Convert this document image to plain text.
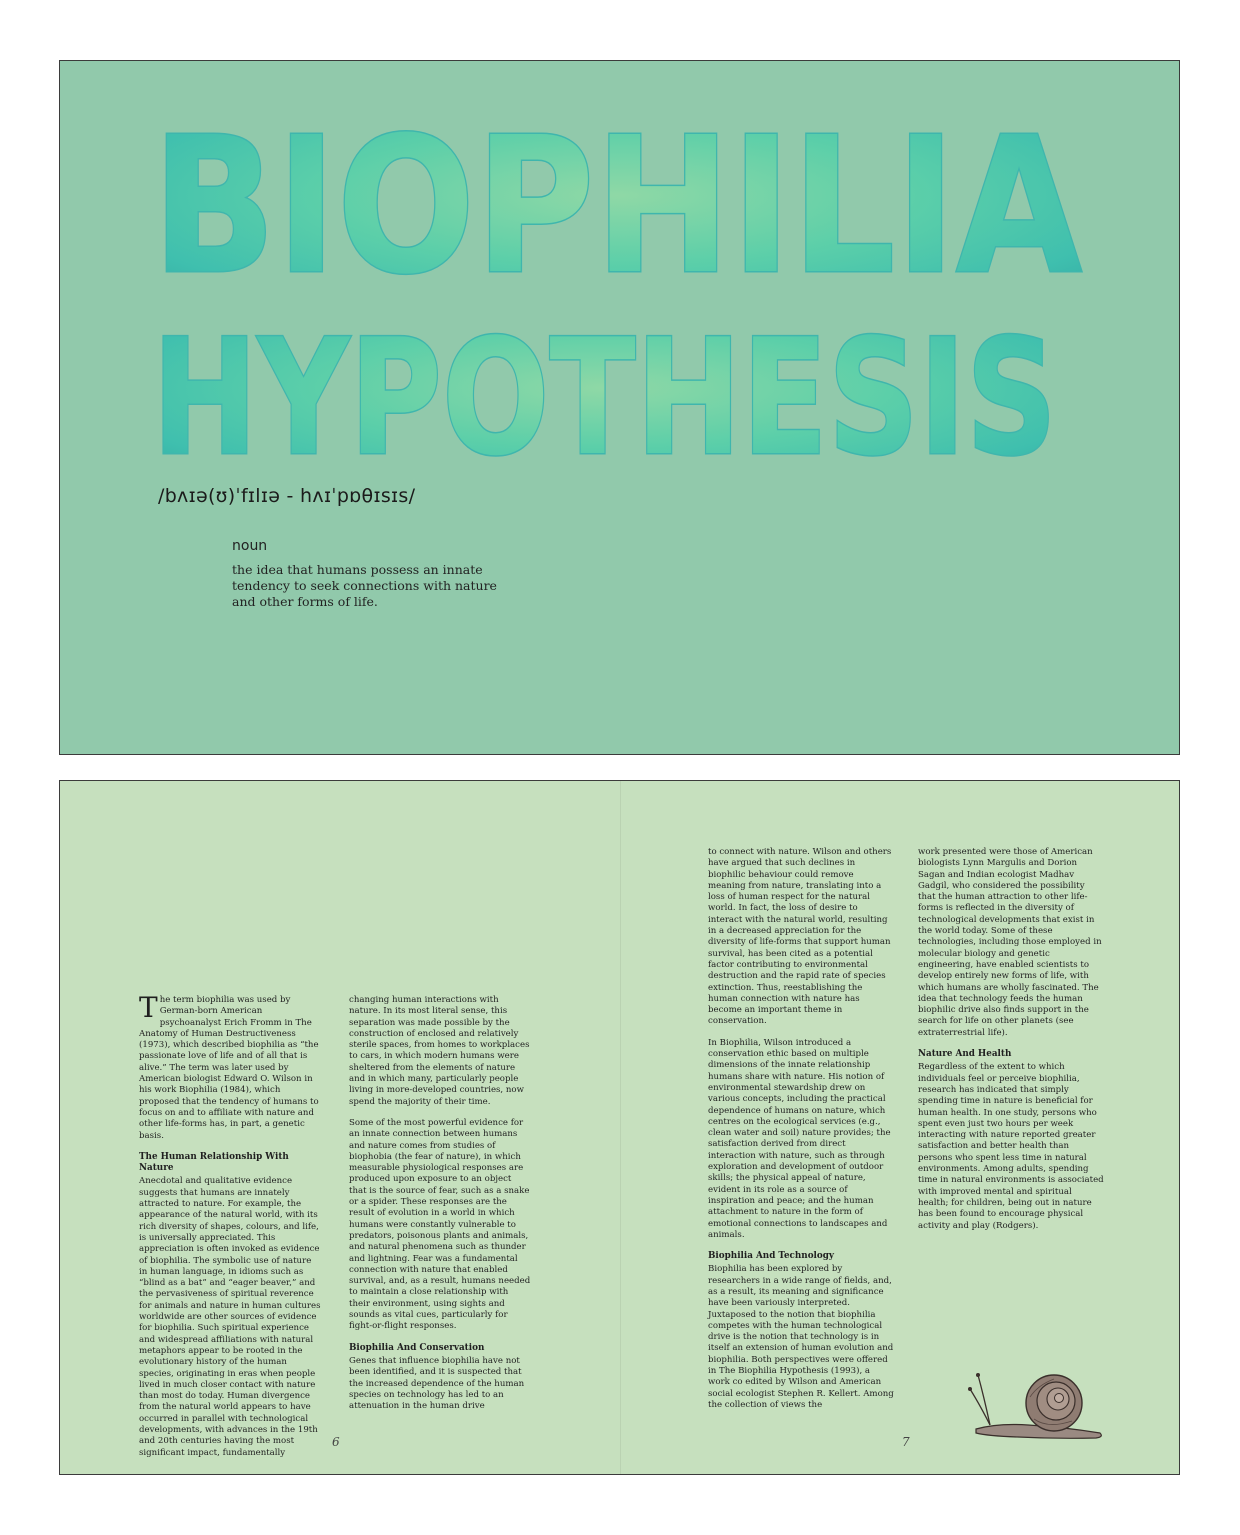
BIOPHILIA
HYPOTHESIS
/bʌɪə(ʊ)ˈfɪlɪə - hʌɪˈpɒθɪsɪs/
noun
the idea that humans possess an innate tendency to seek connections with nature and other forms of life.

The term biophilia was used by German-born American psychoanalyst Erich Fromm in The Anatomy of Human Destructiveness (1973), which described biophilia as “the passionate love of life and of all that is alive.” The term was later used by American biologist Edward O. Wilson in his work Biophilia (1984), which proposed that the tendency of humans to focus on and to affiliate with nature and other life-forms has, in part, a genetic basis.

The Human Relationship With Nature

Anecdotal and qualitative evidence suggests that humans are innately attracted to nature. For example, the appearance of the natural world, with its rich diversity of shapes, colours, and life, is universally appreciated. This appreciation is often invoked as evidence of biophilia. The symbolic use of nature in human language, in idioms such as “blind as a bat” and “eager beaver,” and the pervasiveness of spiritual reverence for animals and nature in human cultures worldwide are other sources of evidence for biophilia. Such spiritual experience and widespread affiliations with natural metaphors appear to be rooted in the evolutionary history of the human species, originating in eras when people lived in much closer contact with nature than most do today. Human divergence from the natural world appears to have occurred in parallel with technological developments, with advances in the 19th and 20th centuries having the most significant impact, fundamentally

changing human interactions with nature. In its most literal sense, this separation was made possible by the construction of enclosed and relatively sterile spaces, from homes to workplaces to cars, in which modern humans were sheltered from the elements of nature and in which many, particularly people living in more-developed countries, now spend the majority of their time.

Some of the most powerful evidence for an innate connection between humans and nature comes from studies of biophobia (the fear of nature), in which measurable physiological responses are produced upon exposure to an object that is the source of fear, such as a snake or a spider. These responses are the result of evolution in a world in which humans were constantly vulnerable to predators, poisonous plants and animals, and natural phenomena such as thunder and lightning. Fear was a fundamental connection with nature that enabled survival, and, as a result, humans needed to maintain a close relationship with their environment, using sights and sounds as vital cues, particularly for fight-or-flight responses.

Biophilia And Conservation

Genes that influence biophilia have not been identified, and it is suspected that the increased dependence of the human species on technology has led to an attenuation in the human drive

6

to connect with nature. Wilson and others have argued that such declines in biophilic behaviour could remove meaning from nature, translating into a loss of human respect for the natural world. In fact, the loss of desire to interact with the natural world, resulting in a decreased appreciation for the diversity of life-forms that support human survival, has been cited as a potential factor contributing to environmental destruction and the rapid rate of species extinction. Thus, reestablishing the human connection with nature has become an important theme in conservation.

In Biophilia, Wilson introduced a conservation ethic based on multiple dimensions of the innate relationship humans share with nature. His notion of environmental stewardship drew on various concepts, including the practical dependence of humans on nature, which centres on the ecological services (e.g., clean water and soil) nature provides; the satisfaction derived from direct interaction with nature, such as through exploration and development of outdoor skills; the physical appeal of nature, evident in its role as a source of inspiration and peace; and the human attachment to nature in the form of emotional connections to landscapes and animals.

Biophilia And Technology

Biophilia has been explored by researchers in a wide range of fields, and, as a result, its meaning and significance have been variously interpreted. Juxtaposed to the notion that biophilia competes with the human technological drive is the notion that technology is in itself an extension of human evolution and biophilia. Both perspectives were offered in The Biophilia Hypothesis (1993), a work co edited by Wilson and American social ecologist Stephen R. Kellert. Among the collection of views the

work presented were those of American biologists Lynn Margulis and Dorion Sagan and Indian ecologist Madhav Gadgil, who considered the possibility that the human attraction to other life-forms is reflected in the diversity of technological developments that exist in the world today. Some of these technologies, including those employed in molecular biology and genetic engineering, have enabled scientists to develop entirely new forms of life, with which humans are wholly fascinated. The idea that technology feeds the human biophilic drive also finds support in the search for life on other planets (see extraterrestrial life).

Nature And Health

Regardless of the extent to which individuals feel or perceive biophilia, research has indicated that simply spending time in nature is beneficial for human health. In one study, persons who spent even just two hours per week interacting with nature reported greater satisfaction and better health than persons who spent less time in natural environments. Among adults, spending time in natural environments is associated with improved mental and spiritual health; for children, being out in nature has been found to encourage physical activity and play (Rodgers).

7
